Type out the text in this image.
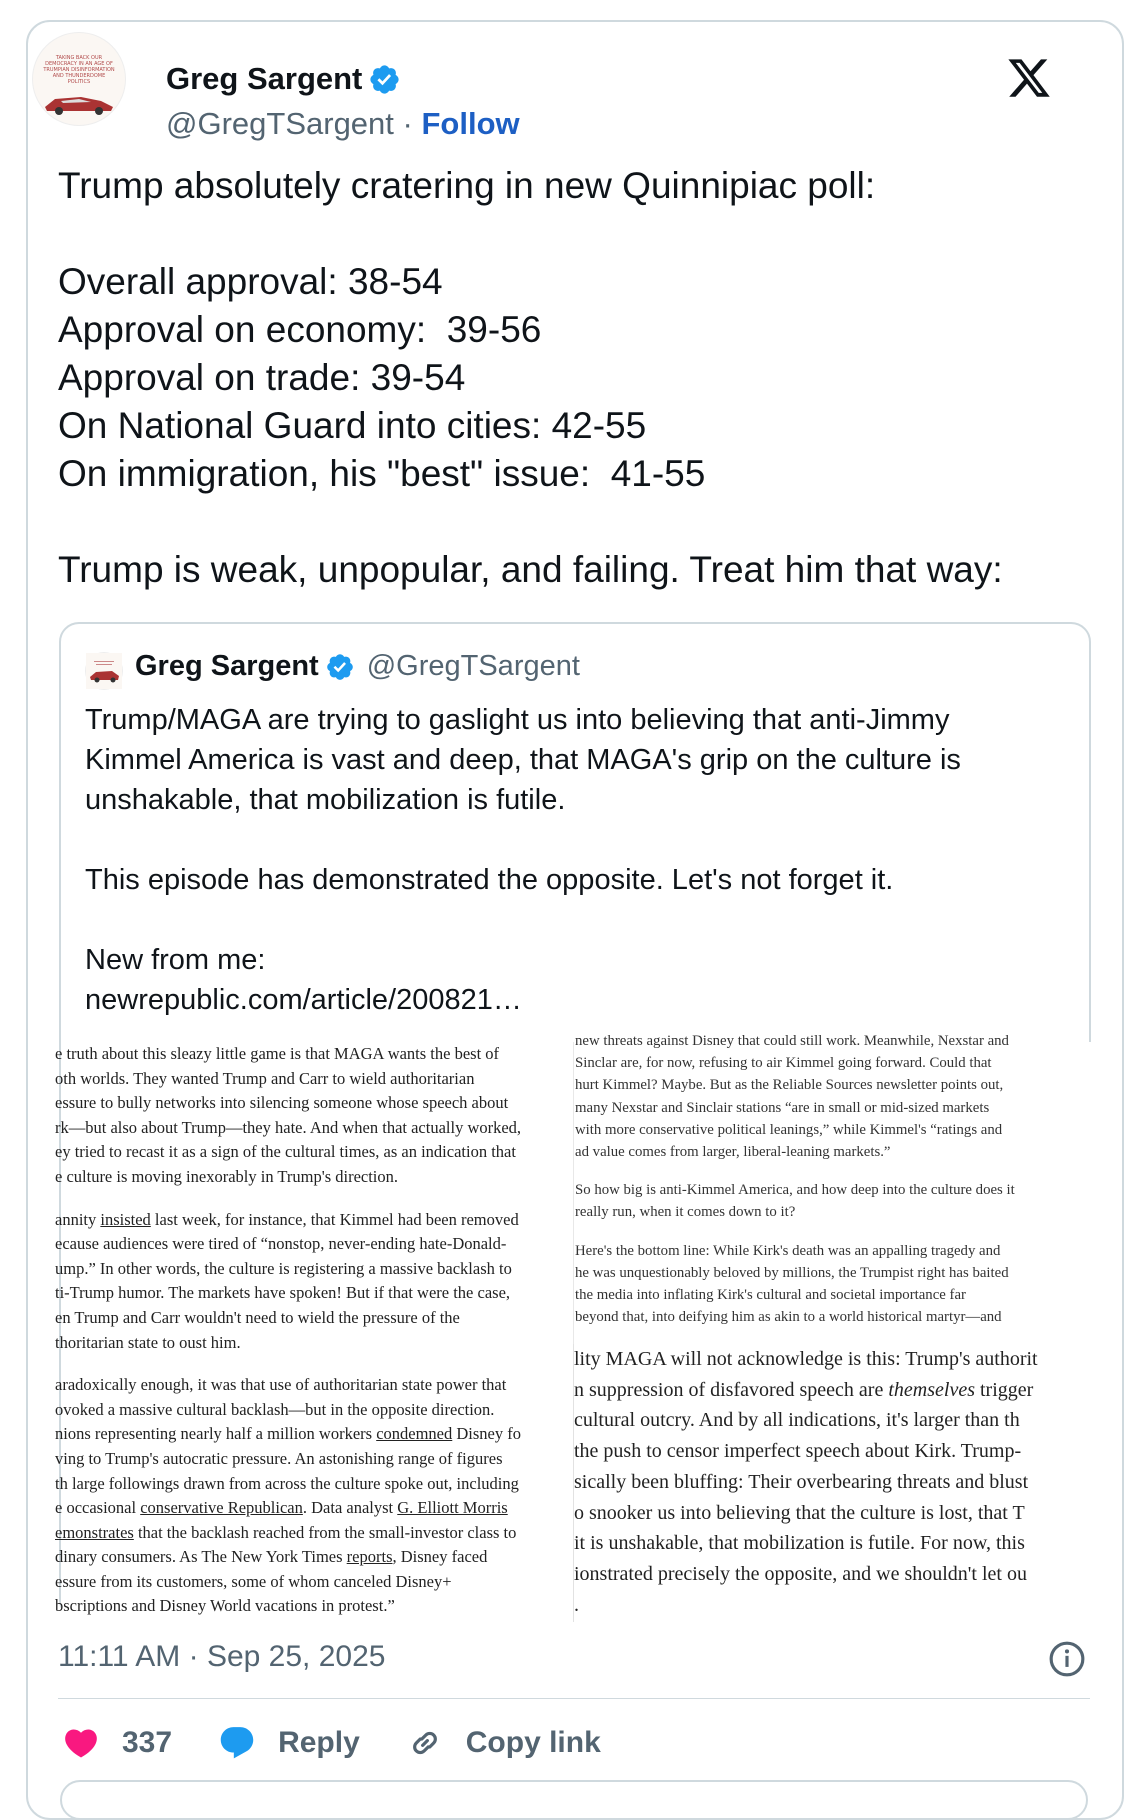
TAKING BACK OUR DEMOCRACY IN AN AGE OF TRUMPIAN DISINFORMATION AND THUNDERDOME POLITICS	Greg Sargent
@GregTSargent · Follow

Trump absolutely cratering in new Quinnipiac poll:

Overall approval: 38-54

Approval on economy:  39-56

Approval on trade: 39-54

On National Guard into cities: 42-55

On immigration, his "best" issue:  41-55

Trump is weak, unpopular, and failing. Treat him that way:

Greg Sargent @GregTSargent

Trump/MAGA are trying to gaslight us into believing that anti-Jimmy

Kimmel America is vast and deep, that MAGA's grip on the culture is

unshakable, that mobilization is futile.

This episode has demonstrated the opposite. Let's not forget it.

New from me:

newrepublic.com/article/200821…

e truth about this sleazy little game is that MAGA wants the best of
oth worlds. They wanted Trump and Carr to wield authoritarian
essure to bully networks into silencing someone whose speech about
rk—but also about Trump—they hate. And when that actually worked,
ey tried to recast it as a sign of the cultural times, as an indication that
e culture is moving inexorably in Trump's direction.

annity insisted last week, for instance, that Kimmel had been removed
ecause audiences were tired of “nonstop, never-ending hate-Donald-
ump.” In other words, the culture is registering a massive backlash to
ti-Trump humor. The markets have spoken! But if that were the case,
en Trump and Carr wouldn't need to wield the pressure of the
thoritarian state to oust him.

aradoxically enough, it was that use of authoritarian state power that
ovoked a massive cultural backlash—but in the opposite direction.
nions representing nearly half a million workers condemned Disney fo
ving to Trump's autocratic pressure. An astonishing range of figures
th large followings drawn from across the culture spoke out, including
e occasional conservative Republican. Data analyst G. Elliott Morris
emonstrates that the backlash reached from the small-investor class to
dinary consumers. As The New York Times reports, Disney faced
essure from its customers, some of whom canceled Disney+
bscriptions and Disney World vacations in protest.”

new threats against Disney that could still work. Meanwhile, Nexstar and
Sinclar are, for now, refusing to air Kimmel going forward. Could that
hurt Kimmel? Maybe. But as the Reliable Sources newsletter points out,
many Nexstar and Sinclair stations “are in small or mid-sized markets
with more conservative political leanings,” while Kimmel's “ratings and
ad value comes from larger, liberal-leaning markets.”

So how big is anti-Kimmel America, and how deep into the culture does it
really run, when it comes down to it?

Here's the bottom line: While Kirk's death was an appalling tragedy and
he was unquestionably beloved by millions, the Trumpist right has baited
the media into inflating Kirk's cultural and societal importance far
beyond that, into deifying him as akin to a world historical martyr—and

lity MAGA will not acknowledge is this: Trump's authorit

n suppression of disfavored speech are themselves trigger

cultural outcry. And by all indications, it's larger than th

the push to censor imperfect speech about Kirk. Trump-

sically been bluffing: Their overbearing threats and blust

o snooker us into believing that the culture is lost, that T

it is unshakable, that mobilization is futile. For now, this

ionstrated precisely the opposite, and we shouldn't let ou

.

11:11 AM · Sep 25, 2025
337	Reply	Copy link
